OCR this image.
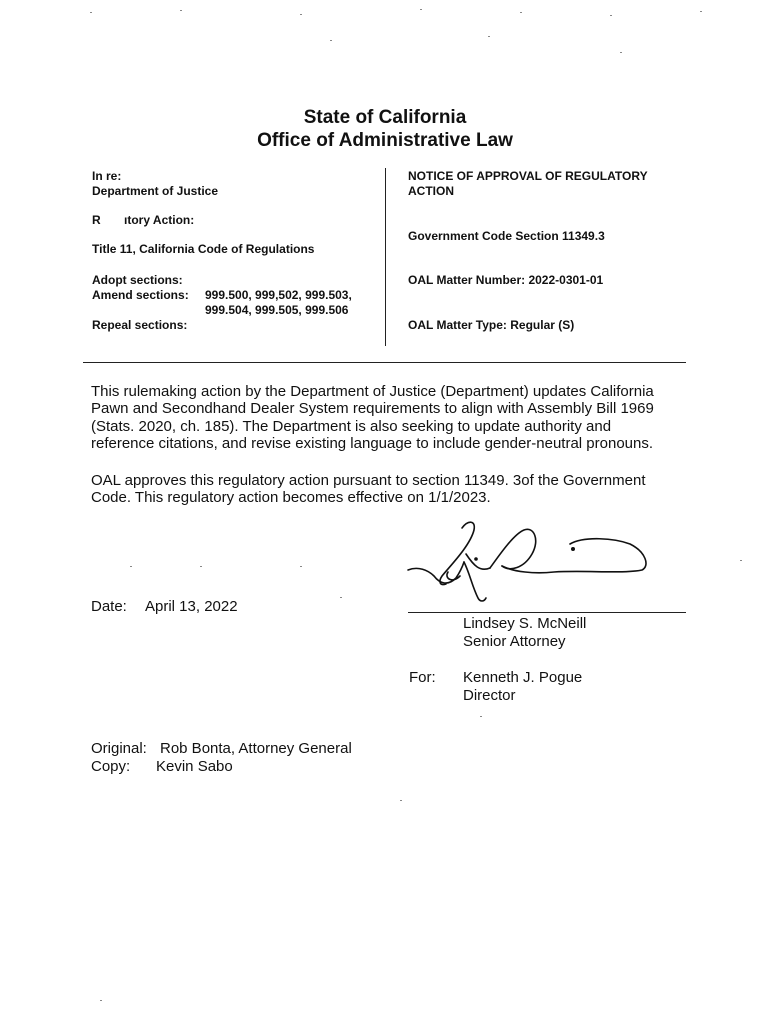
State of California
Office of Administrative Law
In re:
Department of Justice
R       ıtory Action:
Title 11, California Code of Regulations
Adopt sections:
Amend sections: 999.500, 999,502, 999.503,
999.504, 999.505, 999.506
Repeal sections:
NOTICE OF APPROVAL OF REGULATORY
ACTION
Government Code Section 11349.3
OAL Matter Number: 2022-0301-01
OAL Matter Type: Regular (S)
This rulemaking action by the Department of Justice (Department) updates California
Pawn and Secondhand Dealer System requirements to align with Assembly Bill 1969
(Stats. 2020, ch. 185). The Department is also seeking to update authority and
reference citations, and revise existing language to include gender-neutral pronouns.
OAL approves this regulatory action pursuant to section 11349. 3of the Government
Code. This regulatory action becomes effective on 1/1/2023.
Date: April 13, 2022
Lindsey S. McNeill
Senior Attorney
For: Kenneth J. Pogue
Director
Original: Rob Bonta, Attorney General
Copy: Kevin Sabo
